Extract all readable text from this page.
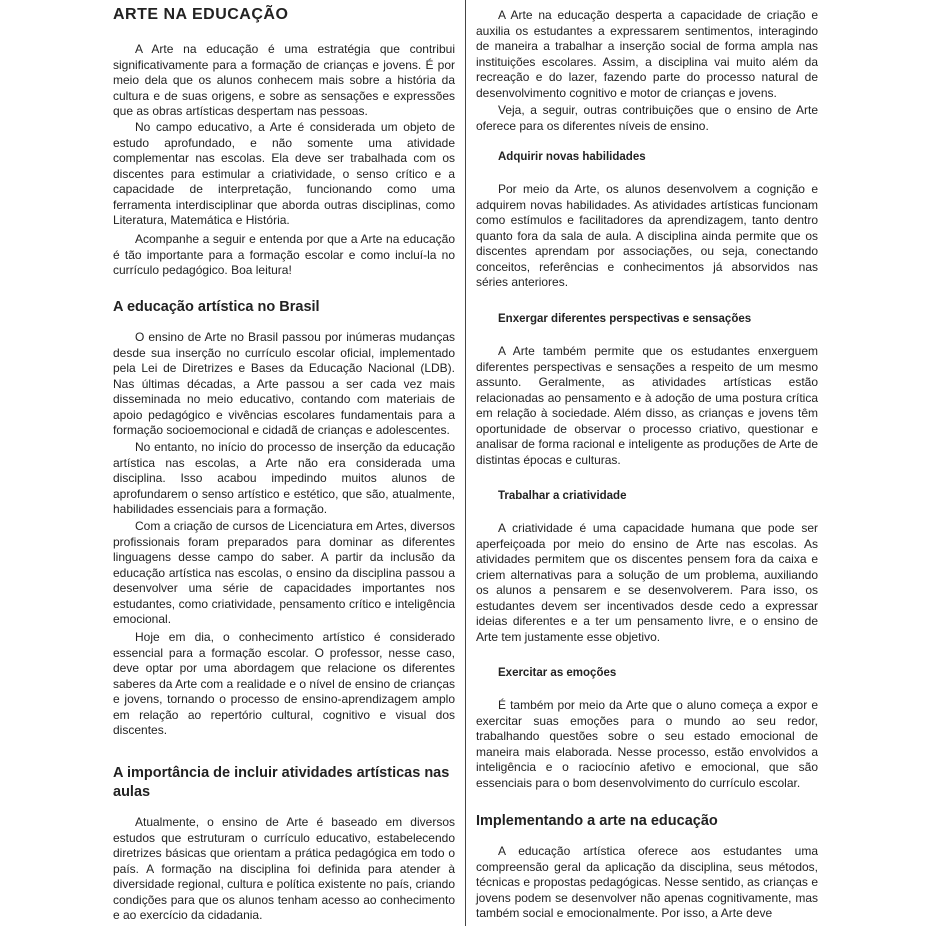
ARTE NA EDUCAÇÃO

A Arte na educação é uma estratégia que contribui significativamente para a formação de crianças e jovens. É por meio dela que os alunos conhecem mais sobre a história da cultura e de suas origens, e sobre as sensações e expressões que as obras artísticas despertam nas pessoas.

No campo educativo, a Arte é considerada um objeto de estudo aprofundado, e não somente uma atividade complementar nas escolas. Ela deve ser trabalhada com os discentes para estimular a criatividade, o senso crítico e a capacidade de interpretação, funcionando como uma ferramenta interdisciplinar que aborda outras disciplinas, como Literatura, Matemática e História.

Acompanhe a seguir e entenda por que a Arte na educação é tão importante para a formação escolar e como incluí-la no currículo pedagógico. Boa leitura!

A educação artística no Brasil

O ensino de Arte no Brasil passou por inúmeras mudanças desde sua inserção no currículo escolar oficial, implementado pela Lei de Diretrizes e Bases da Educação Nacional (LDB). Nas últimas décadas, a Arte passou a ser cada vez mais disseminada no meio educativo, contando com materiais de apoio pedagógico e vivências escolares fundamentais para a formação socioemocional e cidadã de crianças e adolescentes.

No entanto, no início do processo de inserção da educação artística nas escolas, a Arte não era considerada uma disciplina. Isso acabou impedindo muitos alunos de aprofundarem o senso artístico e estético, que são, atualmente, habilidades essenciais para a formação.

Com a criação de cursos de Licenciatura em Artes, diversos profissionais foram preparados para dominar as diferentes linguagens desse campo do saber. A partir da inclusão da educação artística nas escolas, o ensino da disciplina passou a desenvolver uma série de capacidades importantes nos estudantes, como criatividade, pensamento crítico e inteligência emocional.

Hoje em dia, o conhecimento artístico é considerado essencial para a formação escolar. O professor, nesse caso, deve optar por uma abordagem que relacione os diferentes saberes da Arte com a realidade e o nível de ensino de crianças e jovens, tornando o processo de ensino-aprendizagem amplo em relação ao repertório cultural, cognitivo e visual dos discentes.

A importância de incluir atividades artísticas nas aulas

Atualmente, o ensino de Arte é baseado em diversos estudos que estruturam o currículo educativo, estabelecendo diretrizes básicas que orientam a prática pedagógica em todo o país. A formação na disciplina foi definida para atender à diversidade regional, cultura e política existente no país, criando condições para que os alunos tenham acesso ao conhecimento e ao exercício da cidadania.

A Arte na educação desperta a capacidade de criação e auxilia os estudantes a expressarem sentimentos, interagindo de maneira a trabalhar a inserção social de forma ampla nas instituições escolares. Assim, a disciplina vai muito além da recreação e do lazer, fazendo parte do processo natural de desenvolvimento cognitivo e motor de crianças e jovens.

Veja, a seguir, outras contribuições que o ensino de Arte oferece para os diferentes níveis de ensino.

Adquirir novas habilidades

Por meio da Arte, os alunos desenvolvem a cognição e adquirem novas habilidades. As atividades artísticas funcionam como estímulos e facilitadores da aprendizagem, tanto dentro quanto fora da sala de aula. A disciplina ainda permite que os discentes aprendam por associações, ou seja, conectando conceitos, referências e conhecimentos já absorvidos nas séries anteriores.

Enxergar diferentes perspectivas e sensações

A Arte também permite que os estudantes enxerguem diferentes perspectivas e sensações a respeito de um mesmo assunto. Geralmente, as atividades artísticas estão relacionadas ao pensamento e à adoção de uma postura crítica em relação à sociedade. Além disso, as crianças e jovens têm oportunidade de observar o processo criativo, questionar e analisar de forma racional e inteligente as produções de Arte de distintas épocas e culturas.

Trabalhar a criatividade

A criatividade é uma capacidade humana que pode ser aperfeiçoada por meio do ensino de Arte nas escolas. As atividades permitem que os discentes pensem fora da caixa e criem alternativas para a solução de um problema, auxiliando os alunos a pensarem e se desenvolverem. Para isso, os estudantes devem ser incentivados desde cedo a expressar ideias diferentes e a ter um pensamento livre, e o ensino de Arte tem justamente esse objetivo.

Exercitar as emoções

É também por meio da Arte que o aluno começa a expor e exercitar suas emoções para o mundo ao seu redor, trabalhando questões sobre o seu estado emocional de maneira mais elaborada. Nesse processo, estão envolvidos a inteligência e o raciocínio afetivo e emocional, que são essenciais para o bom desenvolvimento do currículo escolar.

Implementando a arte na educação

A educação artística oferece aos estudantes uma compreensão geral da aplicação da disciplina, seus métodos, técnicas e propostas pedagógicas. Nesse sentido, as crianças e jovens podem se desenvolver não apenas cognitivamente, mas também social e emocionalmente. Por isso, a Arte deve
